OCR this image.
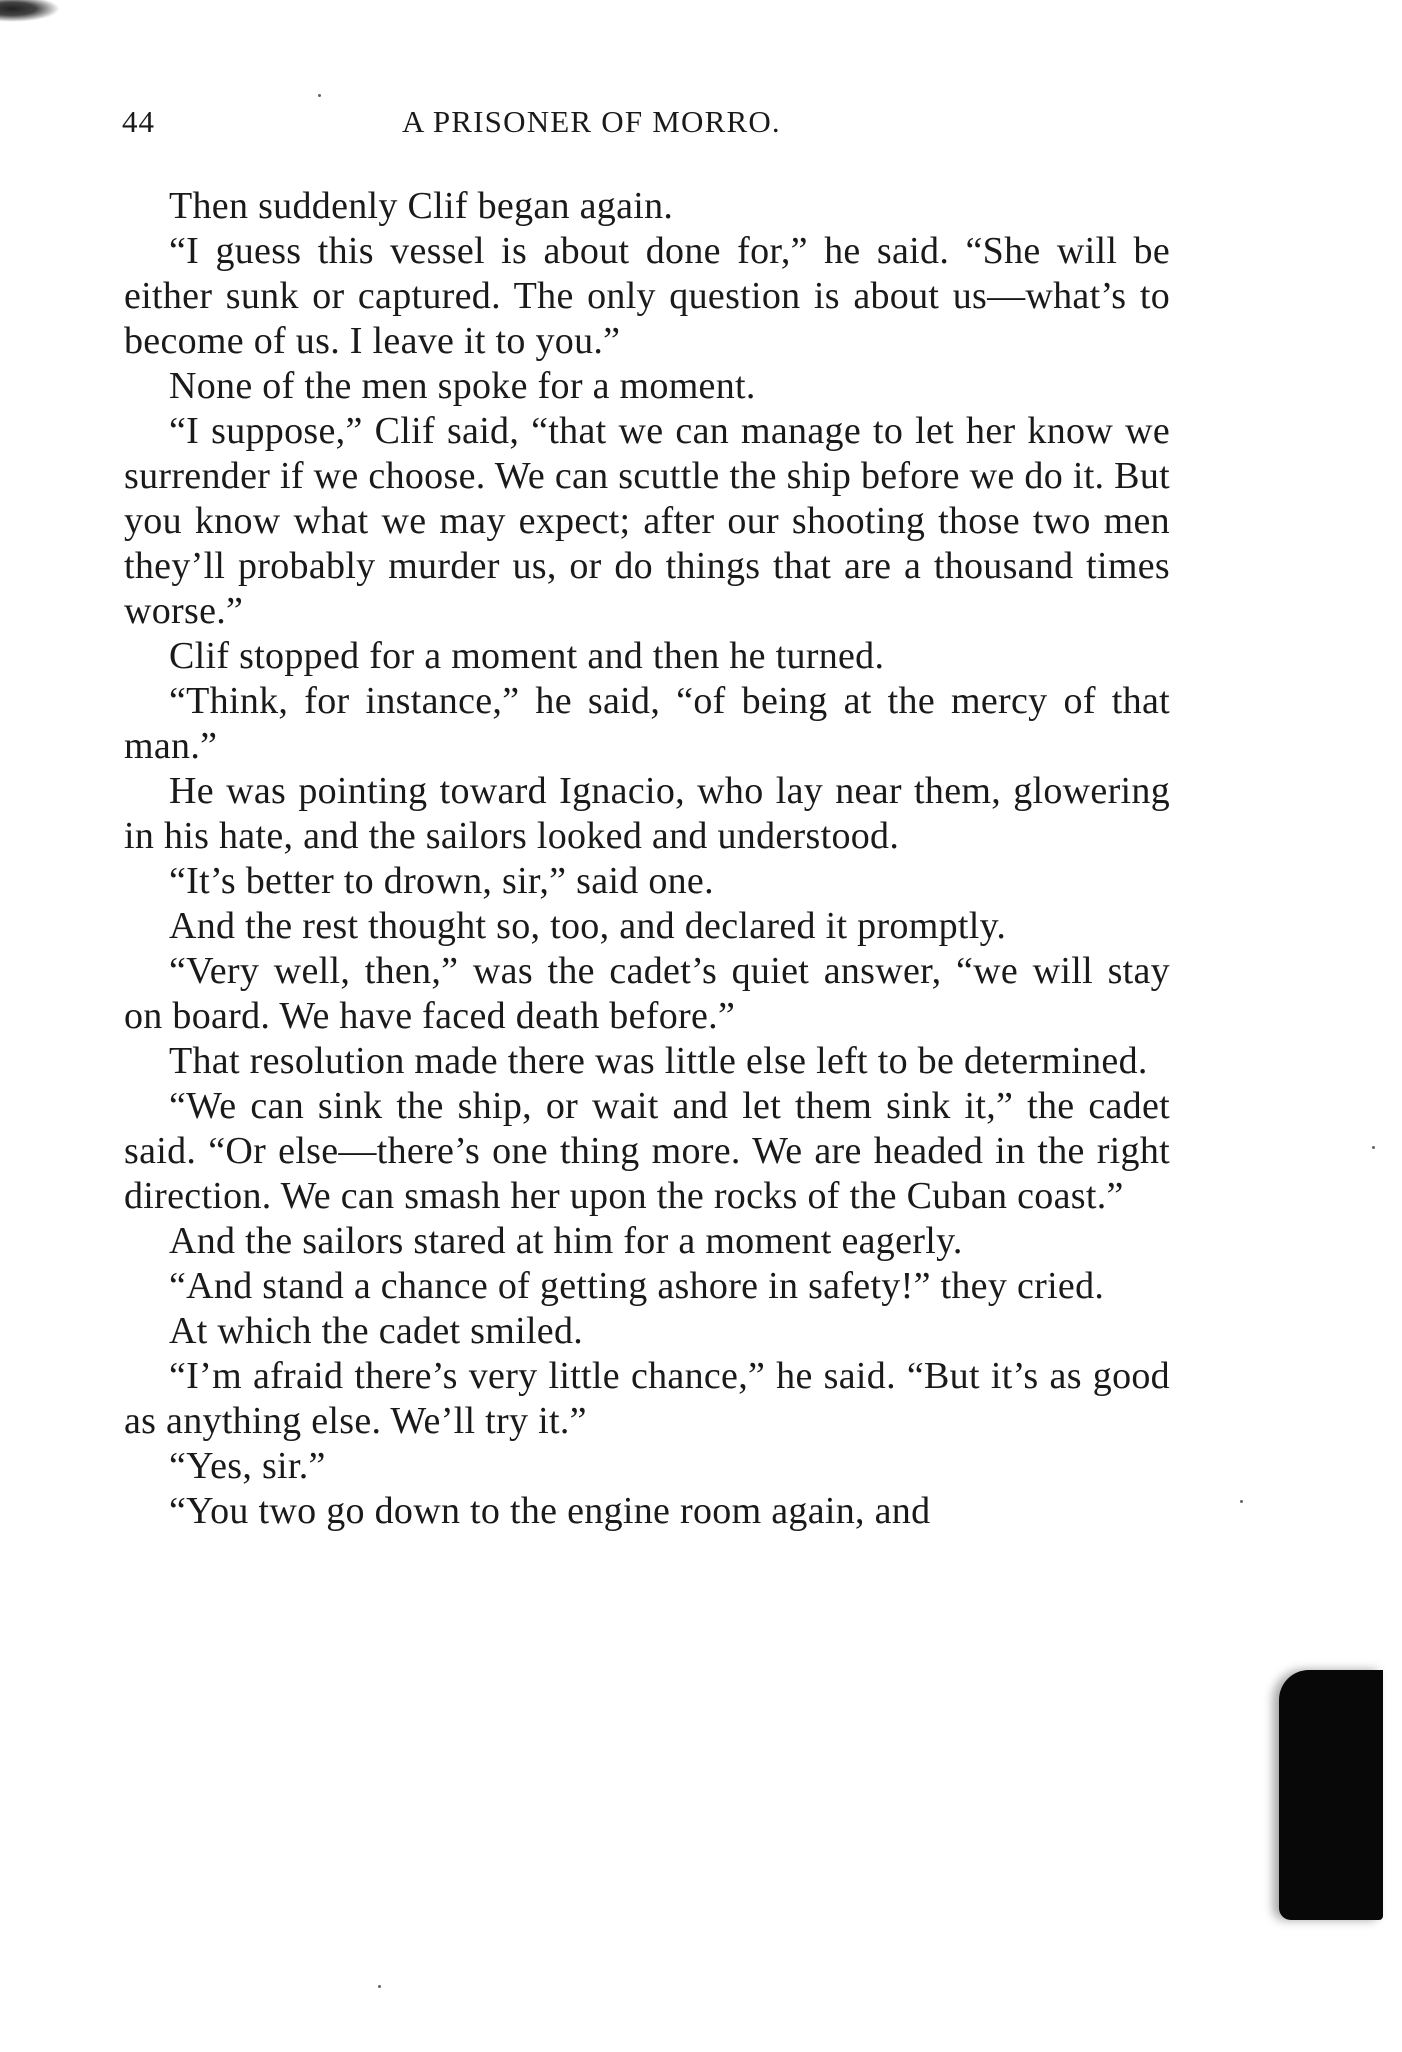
44	A PRISONER OF MORRO.

Then suddenly Clif began again.

“I guess this vessel is about done for,” he said. “She will be either sunk or captured. The only question is about us—what’s to become of us. I leave it to you.”

None of the men spoke for a moment.

“I suppose,” Clif said, “that we can manage to let her know we surrender if we choose. We can scuttle the ship before we do it. But you know what we may expect; after our shooting those two men they’ll probably murder us, or do things that are a thousand times worse.”

Clif stopped for a moment and then he turned.

“Think, for instance,” he said, “of being at the mercy of that man.”

He was pointing toward Ignacio, who lay near them, glowering in his hate, and the sailors looked and understood.

“It’s better to drown, sir,” said one.

And the rest thought so, too, and declared it promptly.

“Very well, then,” was the cadet’s quiet answer, “we will stay on board. We have faced death before.”

That resolution made there was little else left to be determined.

“We can sink the ship, or wait and let them sink it,” the cadet said. “Or else—there’s one thing more. We are headed in the right direction. We can smash her upon the rocks of the Cuban coast.”

And the sailors stared at him for a moment eagerly.

“And stand a chance of getting ashore in safety!” they cried.

At which the cadet smiled.

“I’m afraid there’s very little chance,” he said. “But it’s as good as anything else. We’ll try it.”

“Yes, sir.”

“You two go down to the engine room again, and
